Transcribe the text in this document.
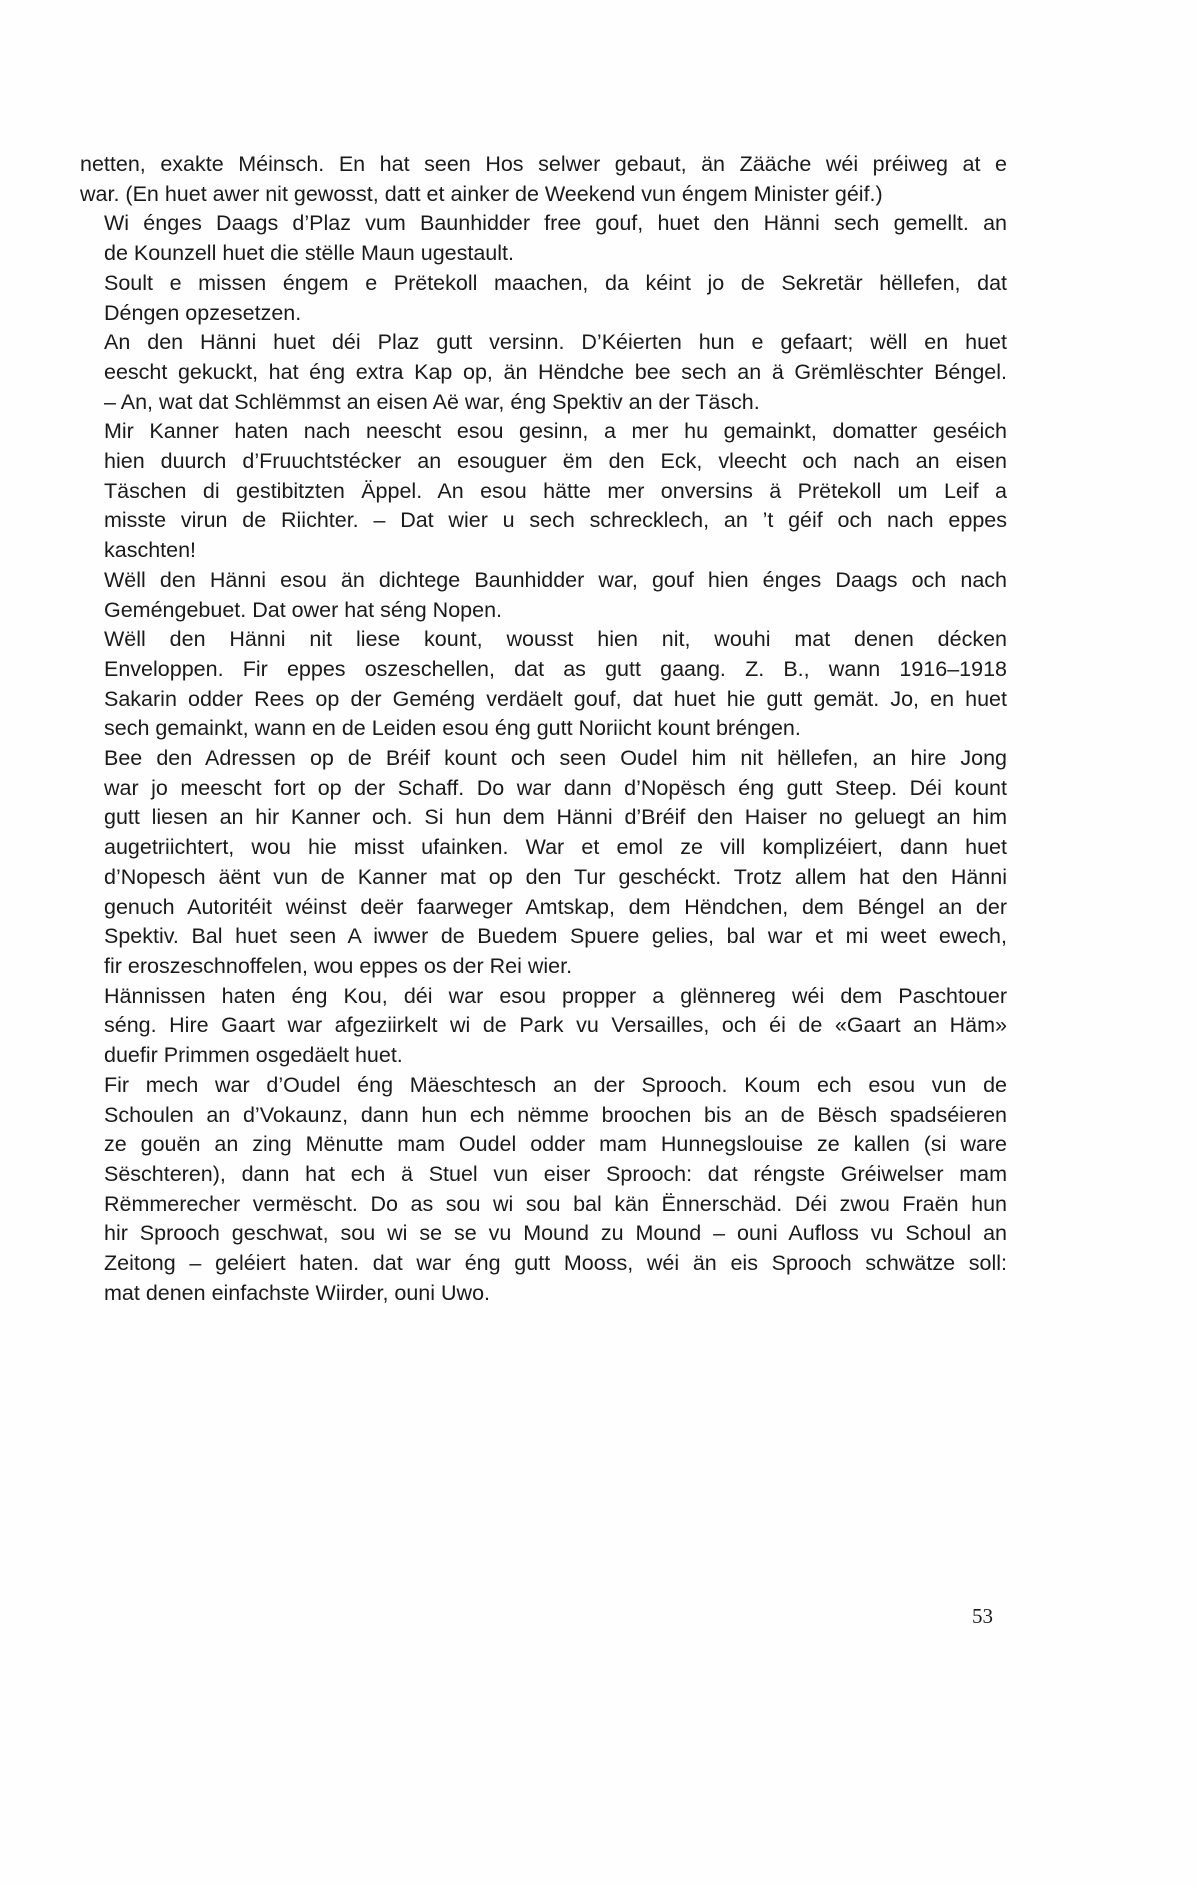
netten, exakte Méinsch. En hat seen Hos selwer gebaut, än Zääche wéi préiweg at e
war. (En huet awer nit gewosst, datt et ainker de Weekend vun éngem Minister géif.)

Wi énges Daags d’Plaz vum Baunhidder free gouf, huet den Hänni sech gemellt. an
de Kounzell huet die stëlle Maun ugestault.

Soult e missen éngem e Prëtekoll maachen, da kéint jo de Sekretär hëllefen, dat
Déngen opzesetzen.

An den Hänni huet déi Plaz gutt versinn. D’Kéierten hun e gefaart; wëll en huet
eescht gekuckt, hat éng extra Kap op, än Hëndche bee sech an ä Grëmlëschter Béngel.
– An, wat dat Schlëmmst an eisen Aë war, éng Spektiv an der Täsch.

Mir Kanner haten nach neescht esou gesinn, a mer hu gemainkt, domatter geséich
hien duurch d’Fruuchtstécker an esouguer ëm den Eck, vleecht och nach an eisen
Täschen di gestibitzten Äppel. An esou hätte mer onversins ä Prëtekoll um Leif a
misste virun de Riichter. – Dat wier u sech schrecklech, an ’t géif och nach eppes
kaschten!

Wëll den Hänni esou än dichtege Baunhidder war, gouf hien énges Daags och nach
Geméngebuet. Dat ower hat séng Nopen.

Wëll den Hänni nit liese kount, wousst hien nit, wouhi mat denen décken
Enveloppen. Fir eppes oszeschellen, dat as gutt gaang. Z. B., wann 1916–1918
Sakarin odder Rees op der Geméng verdäelt gouf, dat huet hie gutt gemät. Jo, en huet
sech gemainkt, wann en de Leiden esou éng gutt Noriicht kount bréngen.

Bee den Adressen op de Bréif kount och seen Oudel him nit hëllefen, an hire Jong
war jo meescht fort op der Schaff. Do war dann d’Nopësch éng gutt Steep. Déi kount
gutt liesen an hir Kanner och. Si hun dem Hänni d’Bréif den Haiser no geluegt an him
augetriichtert, wou hie misst ufainken. War et emol ze vill komplizéiert, dann huet
d’Nopesch äënt vun de Kanner mat op den Tur geschéckt. Trotz allem hat den Hänni
genuch Autoritéit wéinst deër faarweger Amtskap, dem Hëndchen, dem Béngel an der
Spektiv. Bal huet seen A iwwer de Buedem Spuere gelies, bal war et mi weet ewech,
fir eroszeschnoffelen, wou eppes os der Rei wier.

Hännissen haten éng Kou, déi war esou propper a glënnereg wéi dem Paschtouer
séng. Hire Gaart war afgeziirkelt wi de Park vu Versailles, och éi de «Gaart an Häm»
duefir Primmen osgedäelt huet.

Fir mech war d’Oudel éng Mäeschtesch an der Sprooch. Koum ech esou vun de
Schoulen an d’Vokaunz, dann hun ech nëmme broochen bis an de Bësch spadséieren
ze gouën an zing Mënutte mam Oudel odder mam Hunnegslouise ze kallen (si ware
Sëschteren), dann hat ech ä Stuel vun eiser Sprooch: dat réngste Gréiwelser mam
Rëmmerecher vermëscht. Do as sou wi sou bal kän Ënnerschäd. Déi zwou Fraën hun
hir Sprooch geschwat, sou wi se se vu Mound zu Mound – ouni Aufloss vu Schoul an
Zeitong – geléiert haten. dat war éng gutt Mooss, wéi än eis Sprooch schwätze soll:
mat denen einfachste Wiirder, ouni Uwo.

53
